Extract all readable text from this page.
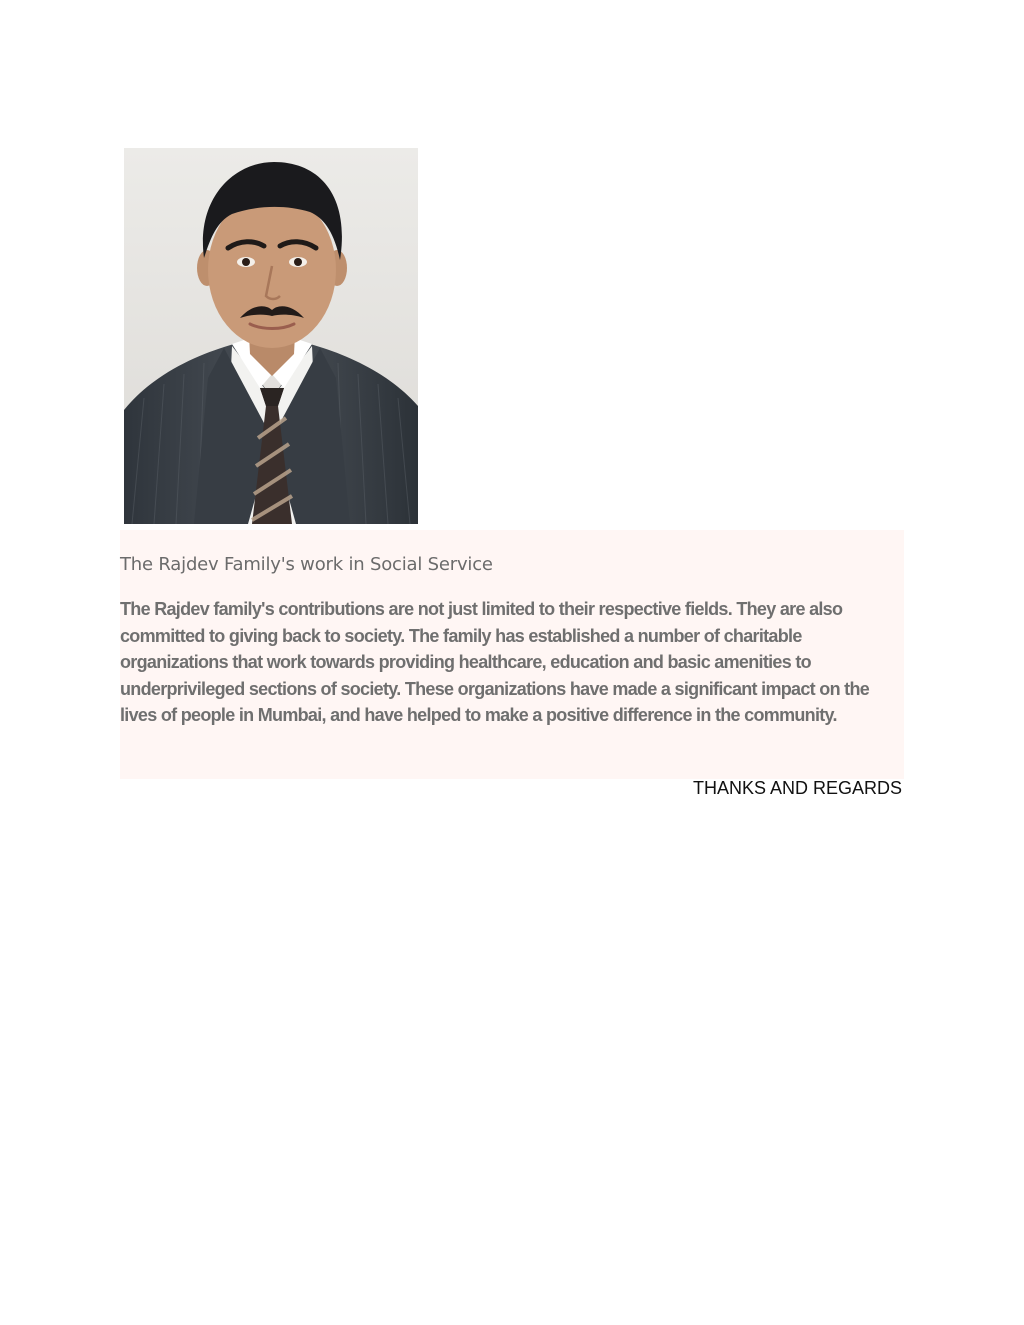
The Rajdev Family's work in Social Service

The Rajdev family's contributions are not just limited to their respective fields. They are also committed to giving back to society. The family has established a number of charitable organizations that work towards providing healthcare, education and basic amenities to underprivileged sections of society. These organizations have made a significant impact on the lives of people in Mumbai, and have helped to make a positive difference in the community.

THANKS AND REGARDS
